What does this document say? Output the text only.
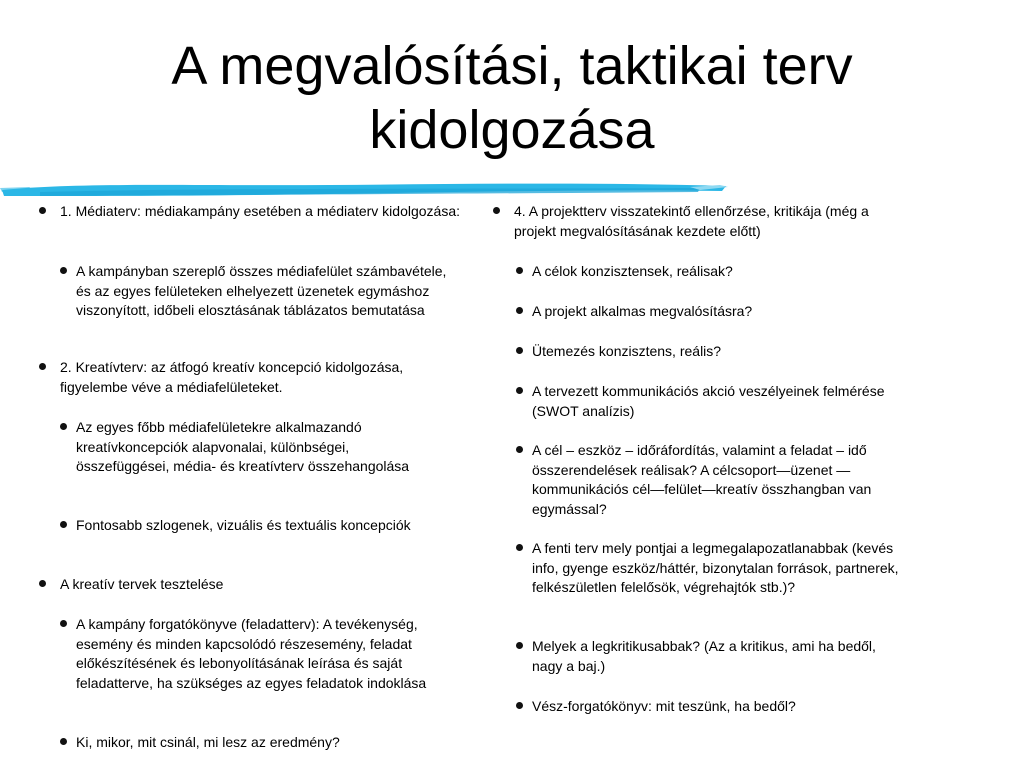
A megvalósítási, taktikai terv
kidolgozása
1. Médiaterv: médiakampány esetében a médiaterv kidolgozása:
A kampányban szereplő összes médiafelület számbavétele, és az egyes felületeken elhelyezett üzenetek egymáshoz viszonyított, időbeli elosztásának táblázatos bemutatása
2. Kreatívterv: az átfogó kreatív koncepció kidolgozása, figyelembe véve a médiafelületeket.
Az egyes főbb médiafelületekre alkalmazandó kreatívkoncepciók alapvonalai, különbségei, összefüggései, média- és kreatívterv összehangolása
Fontosabb szlogenek, vizuális és textuális koncepciók
A kreatív tervek tesztelése
A kampány forgatókönyve (feladatterv): A tevékenység, esemény és minden kapcsolódó részesemény, feladat előkészítésének és lebonyolításának leírása és saját feladatterve, ha szükséges az egyes feladatok indoklása
Ki, mikor, mit csinál, mi lesz az eredmény?
4. A projektterv visszatekintő ellenőrzése, kritikája (még a projekt megvalósításának kezdete előtt)
A célok konzisztensek, reálisak?
A projekt alkalmas megvalósításra?
Ütemezés konzisztens, reális?
A tervezett kommunikációs akció veszélyeinek felmérése (SWOT analízis)
A cél – eszköz – időráfordítás, valamint a feladat – idő összerendelések reálisak? A célcsoport—üzenet —kommunikációs cél—felület—kreatív összhangban van egymással?
A fenti terv mely pontjai a legmegalapozatlanabbak (kevés info, gyenge eszköz/háttér, bizonytalan források, partnerek, felkészületlen felelősök, végrehajtók stb.)?
Melyek a legkritikusabbak? (Az a kritikus, ami ha bedől, nagy a baj.)
Vész-forgatókönyv: mit teszünk, ha bedől?
